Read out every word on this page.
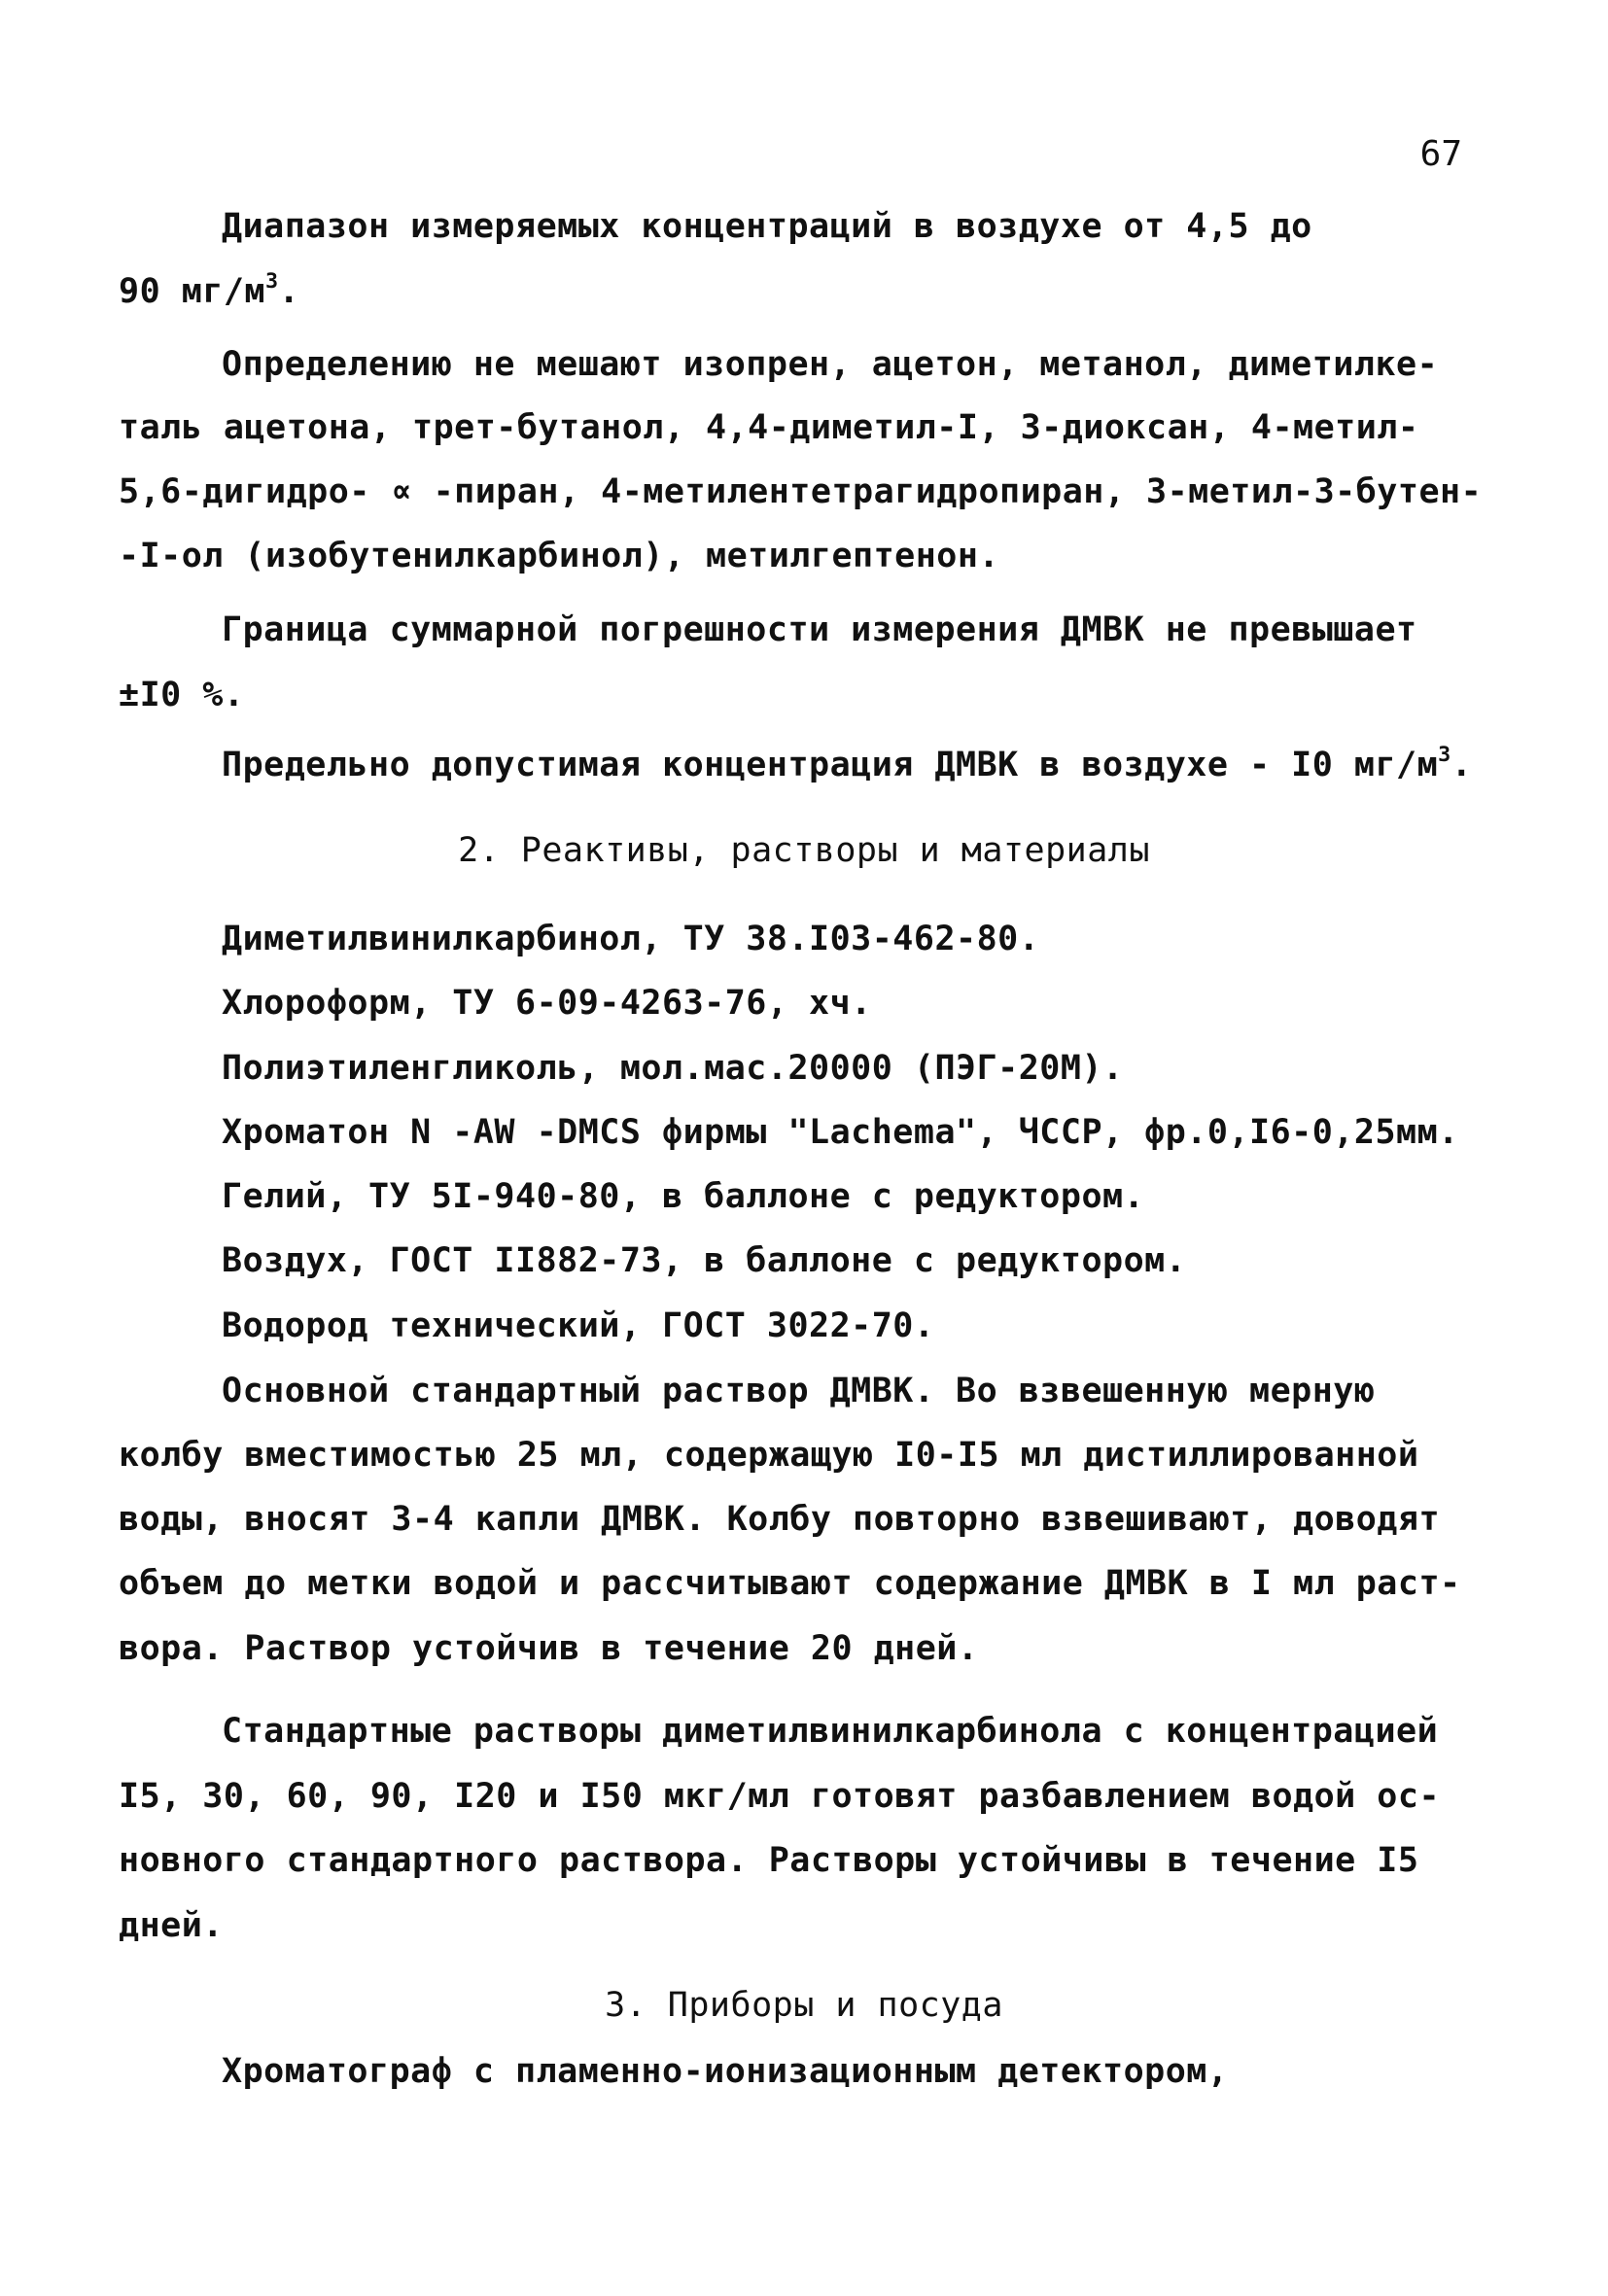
67
Диапазон измеряемых концентраций в воздухе от 4,5 до
90 $мг/м^3$.
Определению не мешают изопрен, ацетон, метанол, диметилке-
таль ацетона, трет-бутанол, 4,4-диметил-I, 3-диоксан, 4-метил-
5,6-дигидро- ∝ -пиран, 4-метилентетрагидропиран, 3-метил-3-бутен-
-I-ол (изобутенилкарбинол), метилгептенон.
Граница суммарной погрешности измерения ДМВК не превышает
±I0 %.
Предельно допустимая концентрация ДМВК в воздухе - I0 $мг/м^3$.
2. Реактивы, растворы и материалы
Диметилвинилкарбинол, ТУ 38.I03-462-80.
Хлороформ, ТУ 6-09-4263-76, хч.
Полиэтиленгликоль, мол.мас.20000 (ПЭГ-20М).
Хроматон N -AW -DMCS фирмы "Lachema", ЧССР, фр.0,I6-0,25мм.
Гелий, ТУ 5I-940-80, в баллоне с редуктором.
Воздух, ГОСТ II882-73, в баллоне с редуктором.
Водород технический, ГОСТ 3022-70.
Основной стандартный раствор ДМВК. Во взвешенную мерную
колбу вместимостью 25 мл, содержащую I0-I5 мл дистиллированной
воды, вносят 3-4 капли ДМВК. Колбу повторно взвешивают, доводят
объем до метки водой и рассчитывают содержание ДМВК в I мл раст-
вора. Раствор устойчив в течение 20 дней.
Стандартные растворы диметилвинилкарбинола с концентрацией
I5, 30, 60, 90, I20 и I50 мкг/мл готовят разбавлением водой ос-
новного стандартного раствора. Растворы устойчивы в течение I5
дней.
3. Приборы и посуда
Хроматограф с пламенно-ионизационным детектором,
